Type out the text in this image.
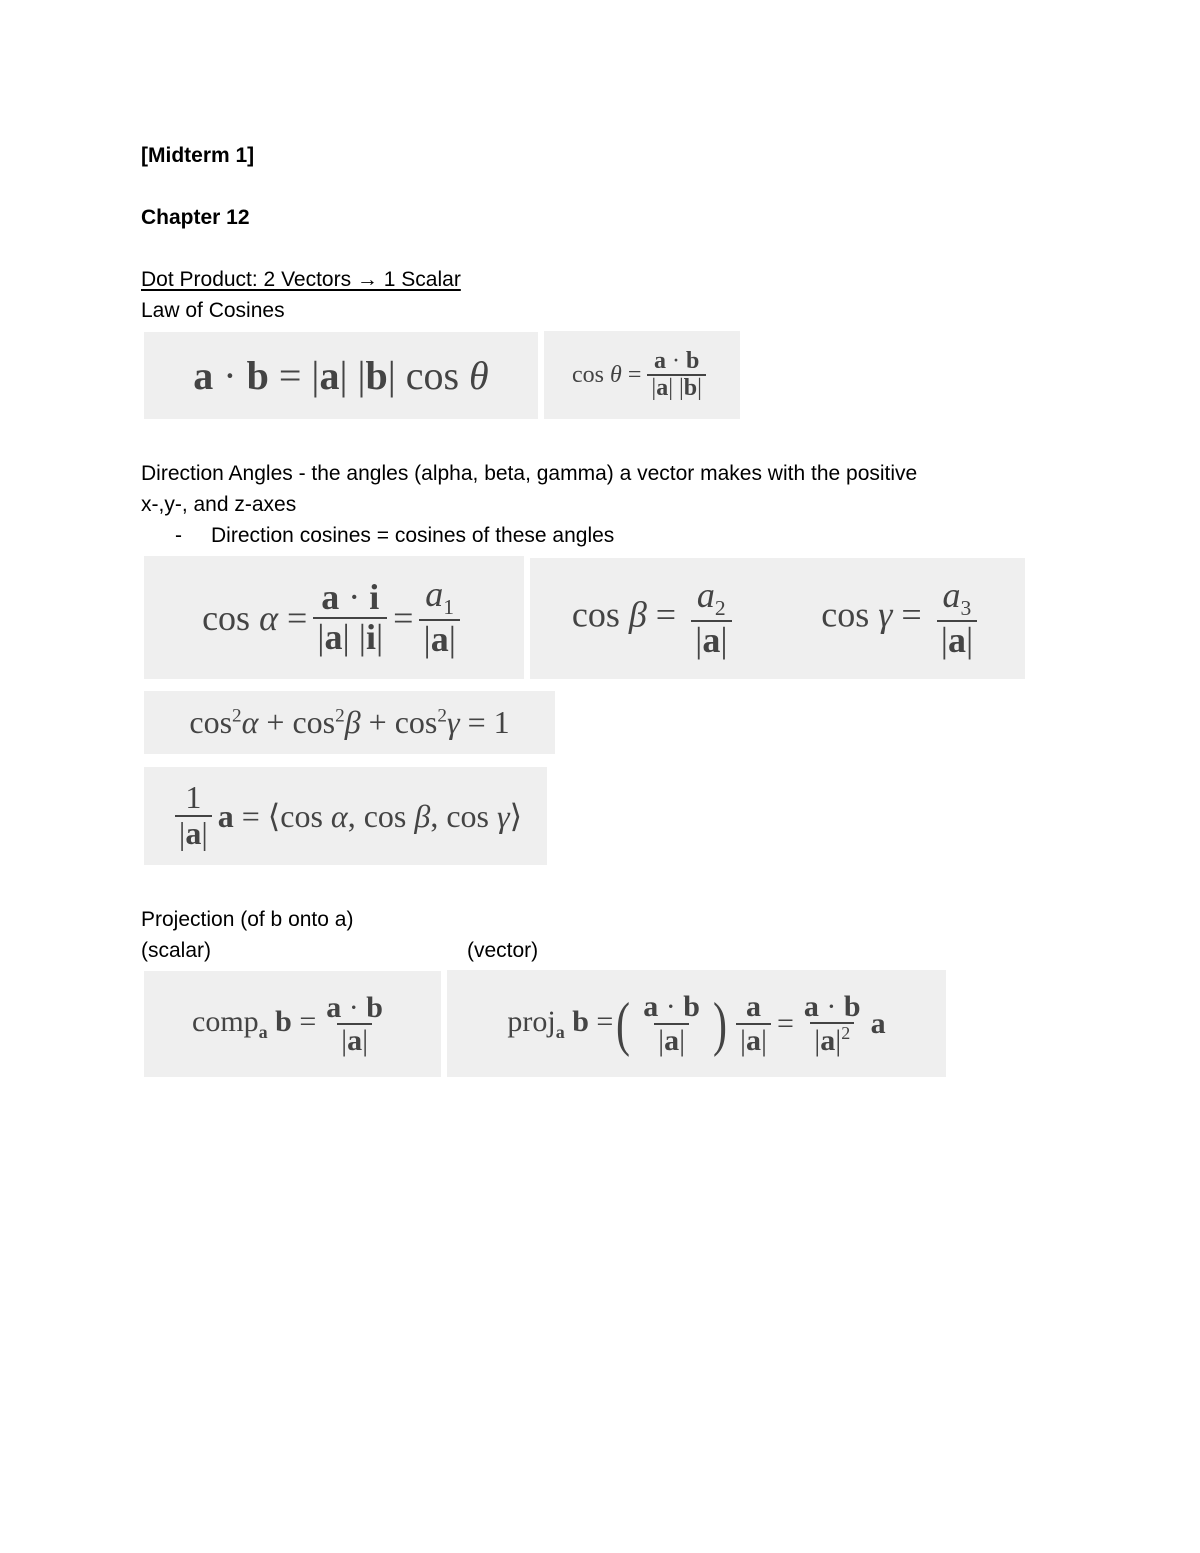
[Midterm 1]
Chapter 12
Dot Product: 2 Vectors → 1 Scalar
Law of Cosines
a · b = |a| |b| cos θ	$\cos \theta = \frac{a \cdot b}{|a| |b|}$
Direction Angles - the angles (alpha, beta, gamma) a vector makes with the positive
x-,y-, and z-axes
- Direction cosines = cosines of these angles
$\cos \alpha = \frac{a \cdot i}{|a| |i|} = \frac{a_1}{|a|}$	$\cos \beta = \frac{a_2}{|a|}$ $\cos \gamma = \frac{a_3}{|a|}$
$\cos^2\alpha + \cos^2\beta + \cos^2\gamma = 1$
$\frac{1}{|a|}$ a = ⟨cos α, cos β, cos γ⟩
Projection (of b onto a)
(scalar)	(vector)
comp$_a$ $b = \frac{a \cdot b}{|a|}$	proj$_a$ b = ( $\frac{a \cdot b}{|a|}$ ) $\frac{a}{|a|} = \frac{a \cdot b}{|a|^2}$ a
